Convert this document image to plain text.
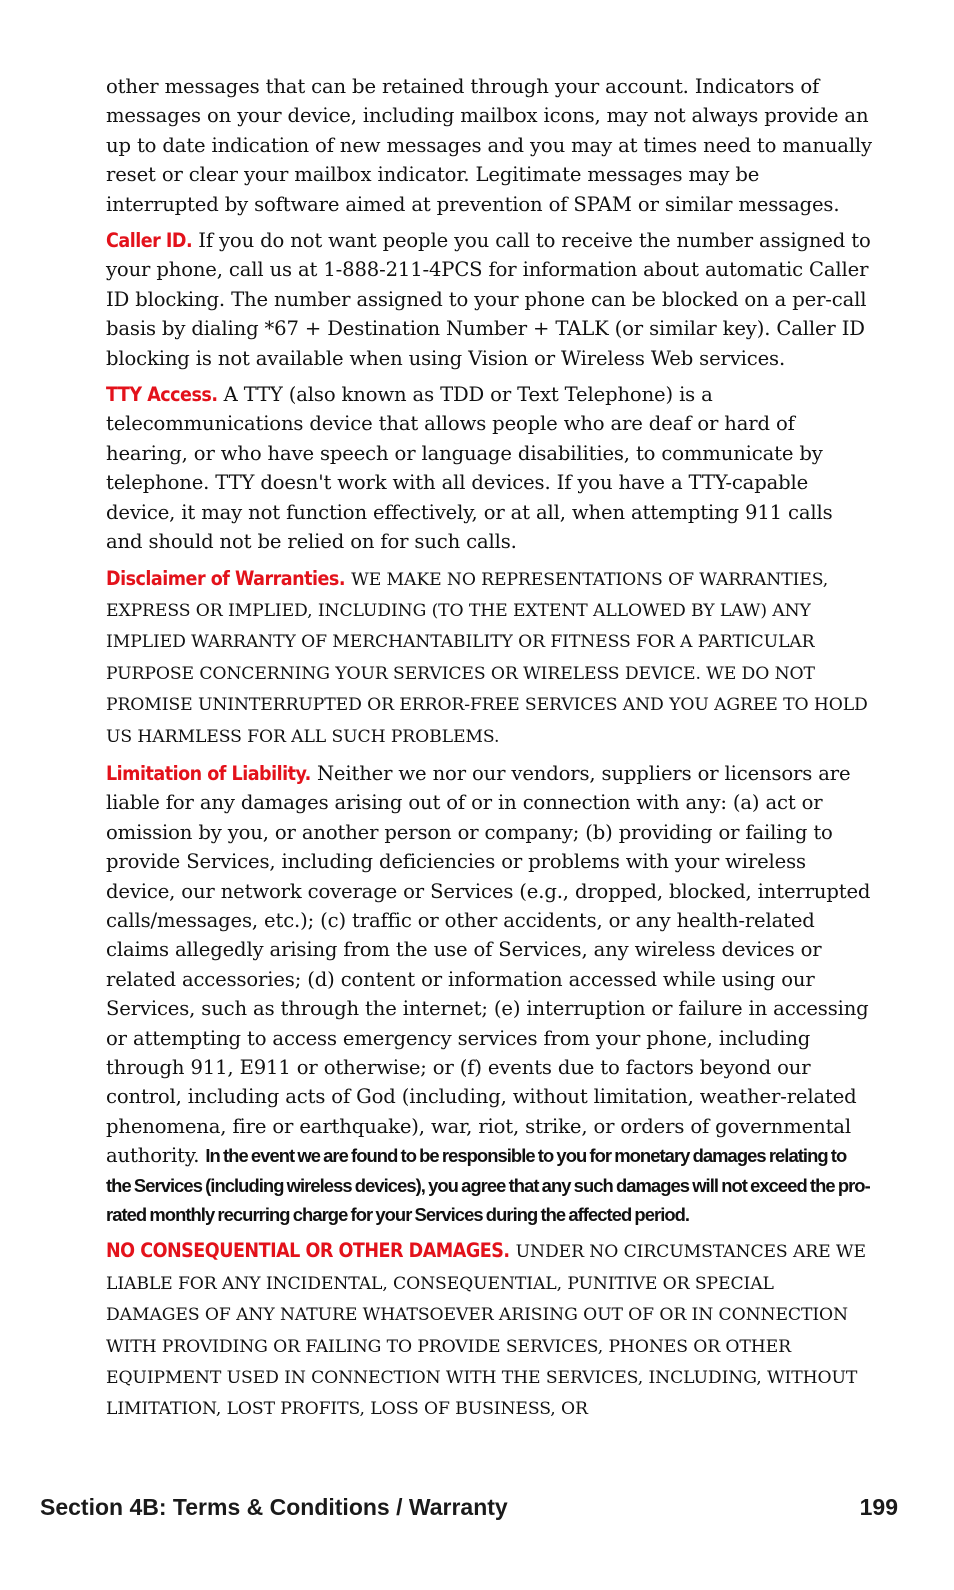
other messages that can be retained through your account. Indicators of messages on your device, including mailbox icons, may not always provide an up to date indication of new messages and you may at times need to manually reset or clear your mailbox indicator. Legitimate messages may be interrupted by software aimed at prevention of SPAM or similar messages.

Caller ID. If you do not want people you call to receive the number assigned to your phone, call us at 1-888-211-4PCS for information about automatic Caller ID blocking. The number assigned to your phone can be blocked on a per-call basis by dialing *67 + Destination Number + TALK (or similar key). Caller ID blocking is not available when using Vision or Wireless Web services.

TTY Access. A TTY (also known as TDD or Text Telephone) is a telecommunications device that allows people who are deaf or hard of hearing, or who have speech or language disabilities, to communicate by telephone. TTY doesn't work with all devices. If you have a TTY-capable device, it may not function effectively, or at all, when attempting 911 calls and should not be relied on for such calls.

Disclaimer of Warranties. WE MAKE NO REPRESENTATIONS OF WARRANTIES, EXPRESS OR IMPLIED, INCLUDING (TO THE EXTENT ALLOWED BY LAW) ANY IMPLIED WARRANTY OF MERCHANTABILITY OR FITNESS FOR A PARTICULAR PURPOSE CONCERNING YOUR SERVICES OR WIRELESS DEVICE. WE DO NOT PROMISE UNINTERRUPTED OR ERROR-FREE SERVICES AND YOU AGREE TO HOLD US HARMLESS FOR ALL SUCH PROBLEMS.

Limitation of Liability. Neither we nor our vendors, suppliers or licensors are liable for any damages arising out of or in connection with any: (a) act or omission by you, or another person or company; (b) providing or failing to provide Services, including deficiencies or problems with your wireless device, our network coverage or Services (e.g., dropped, blocked, interrupted calls/messages, etc.); (c) traffic or other accidents, or any health-related claims allegedly arising from the use of Services, any wireless devices or related accessories; (d) content or information accessed while using our Services, such as through the internet; (e) interruption or failure in accessing or attempting to access emergency services from your phone, including through 911, E911 or otherwise; or (f) events due to factors beyond our control, including acts of God (including, without limitation, weather-related phenomena, fire or earthquake), war, riot, strike, or orders of governmental authority. In the event we are found to be responsible to you for monetary damages relating to the Services (including wireless devices), you agree that any such damages will not exceed the pro-rated monthly recurring charge for your Services during the affected period.

NO CONSEQUENTIAL OR OTHER DAMAGES. UNDER NO CIRCUMSTANCES ARE WE LIABLE FOR ANY INCIDENTAL, CONSEQUENTIAL, PUNITIVE OR SPECIAL DAMAGES OF ANY NATURE WHATSOEVER ARISING OUT OF OR IN CONNECTION WITH PROVIDING OR FAILING TO PROVIDE SERVICES, PHONES OR OTHER EQUIPMENT USED IN CONNECTION WITH THE SERVICES, INCLUDING, WITHOUT LIMITATION, LOST PROFITS, LOSS OF BUSINESS, OR

Section 4B: Terms & Conditions / Warranty	199
